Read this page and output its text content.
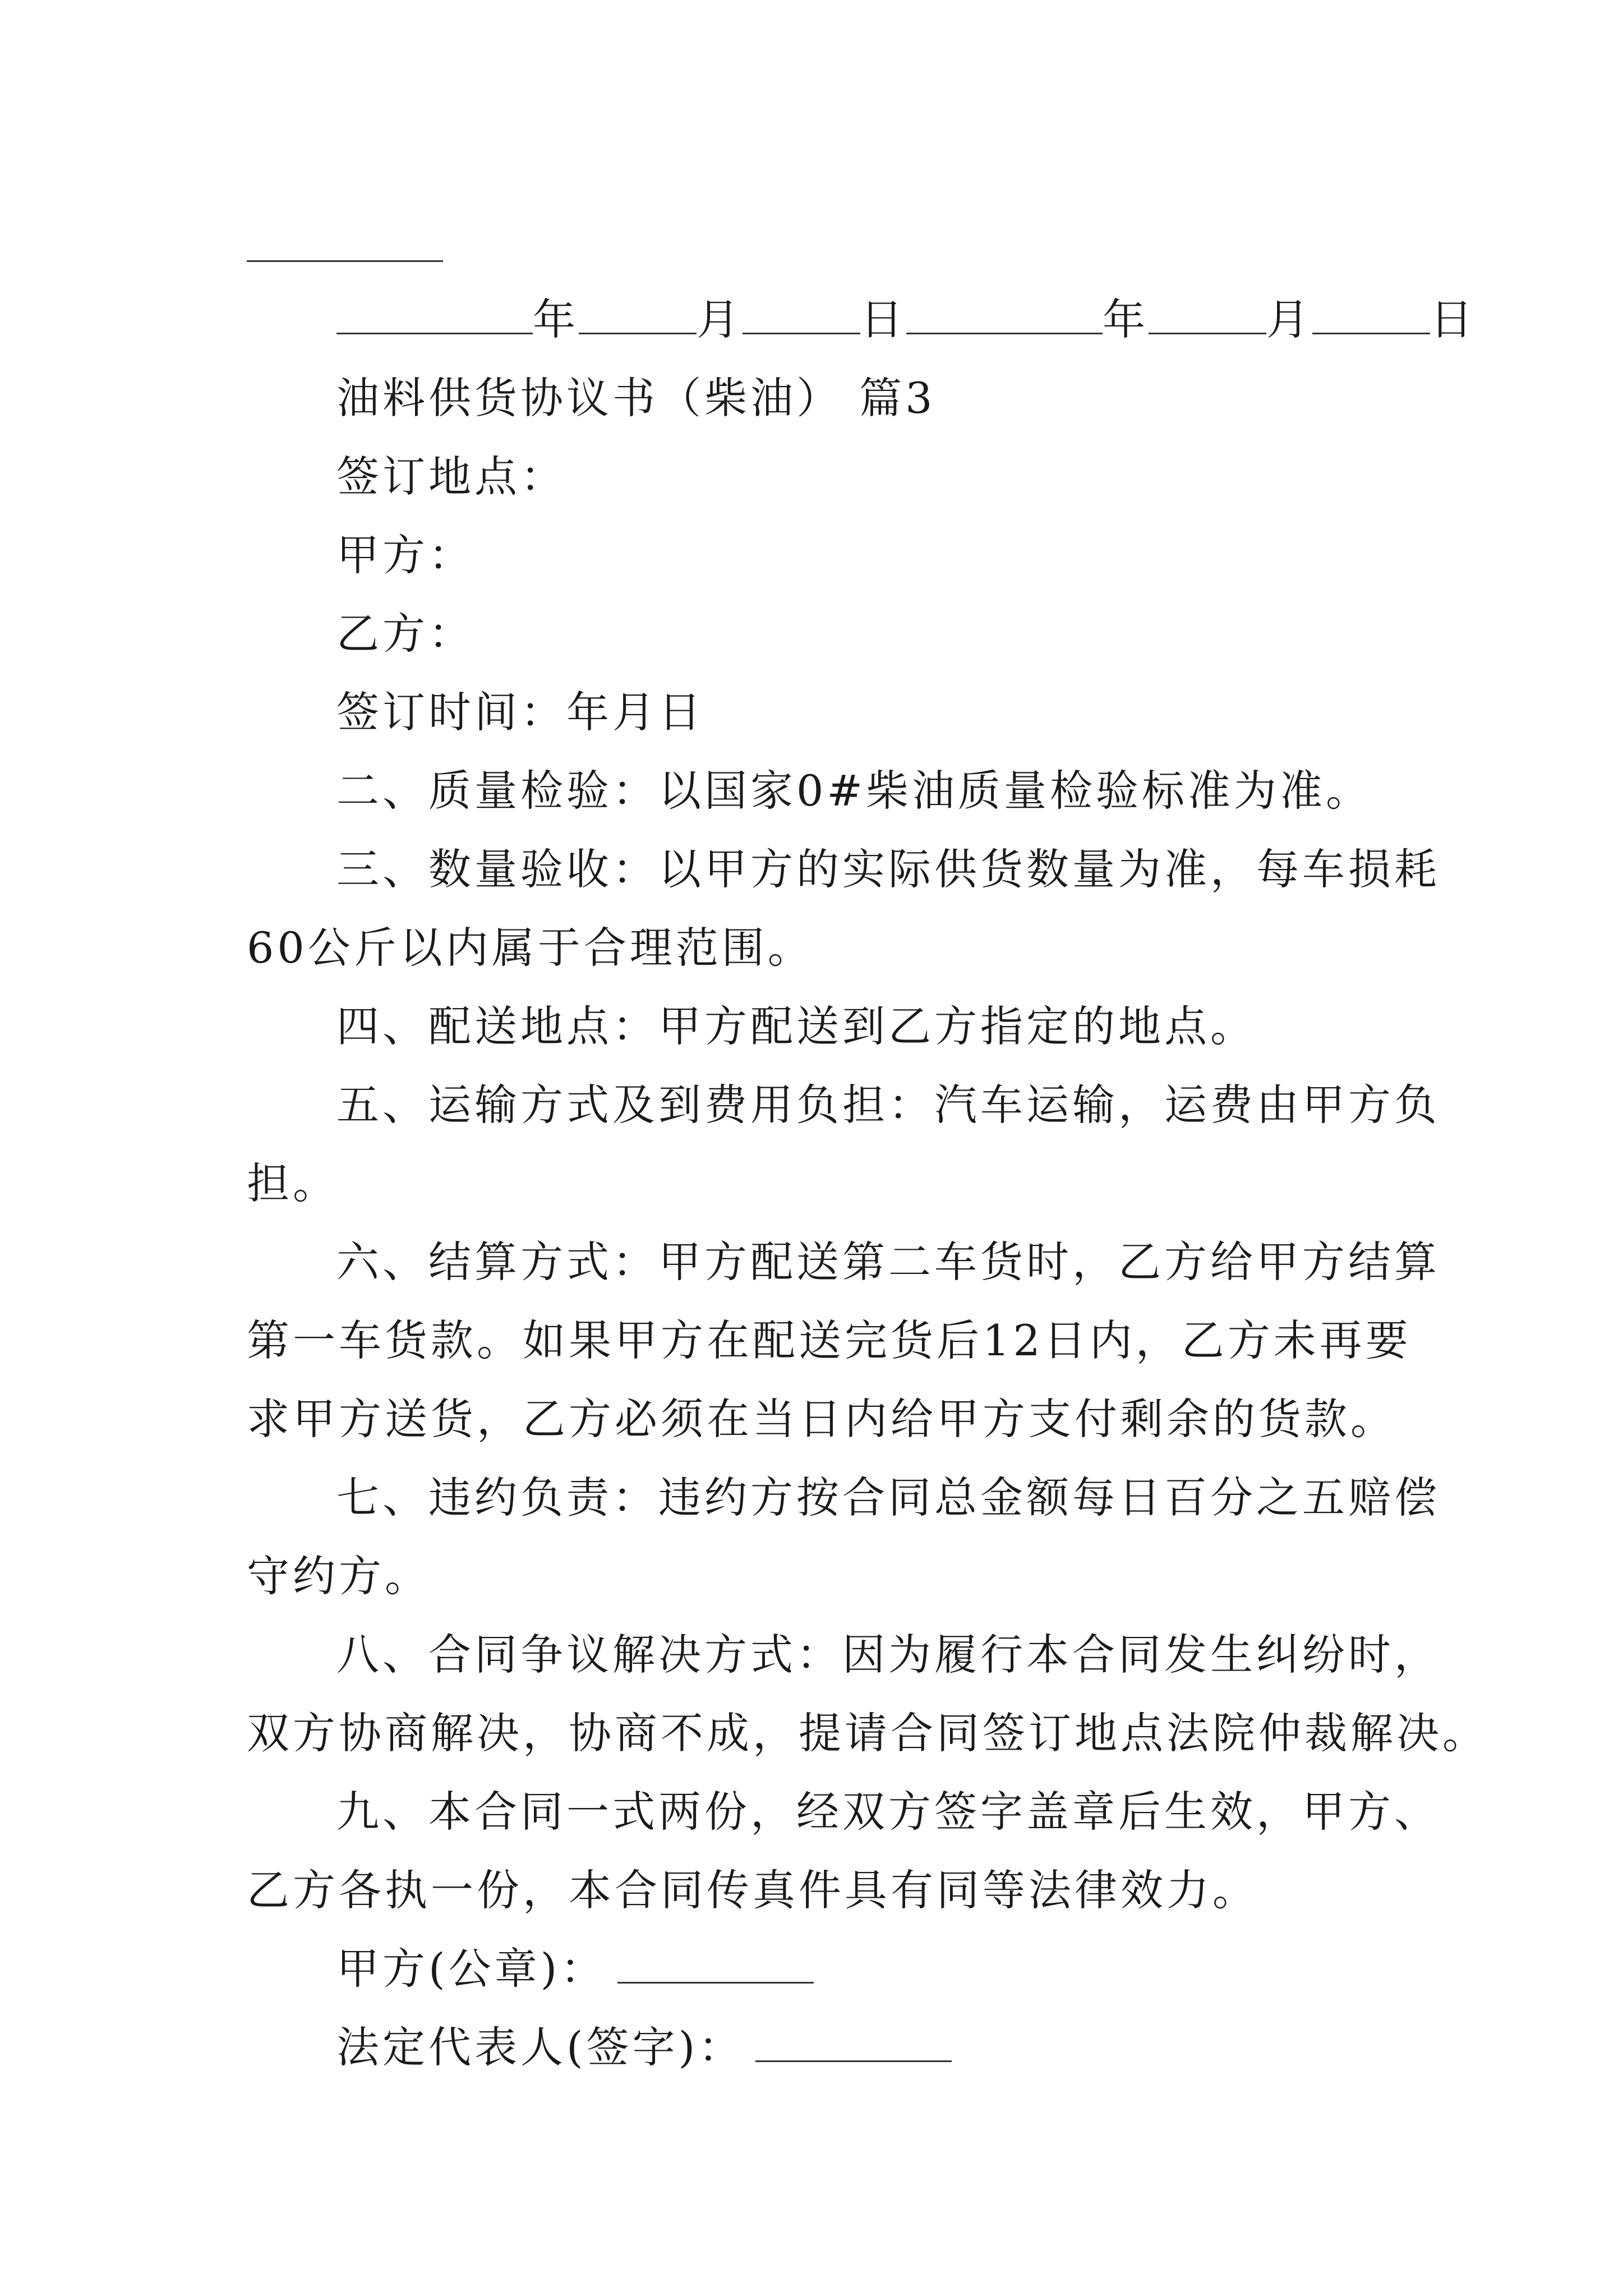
年	月	日	年	月	日
油料供货协议书（柴油） 篇3
签订地点：
甲方：
乙方：
签订时间：年月日
二、质量检验：以国家0#柴油质量检验标准为准。
三、数量验收：以甲方的实际供货数量为准，每车损耗
60公斤以内属于合理范围。
四、配送地点：甲方配送到乙方指定的地点。
五、运输方式及到费用负担：汽车运输，运费由甲方负
担。
六、结算方式：甲方配送第二车货时，乙方给甲方结算
第一车货款。如果甲方在配送完货后12日内，乙方未再要
求甲方送货，乙方必须在当日内给甲方支付剩余的货款。
七、违约负责：违约方按合同总金额每日百分之五赔偿
守约方。
八、合同争议解决方式：因为履行本合同发生纠纷时，
双方协商解决，协商不成，提请合同签订地点法院仲裁解决。
九、本合同一式两份，经双方签字盖章后生效，甲方、
乙方各执一份，本合同传真件具有同等法律效力。
甲方(公章)：
法定代表人(签字)：
